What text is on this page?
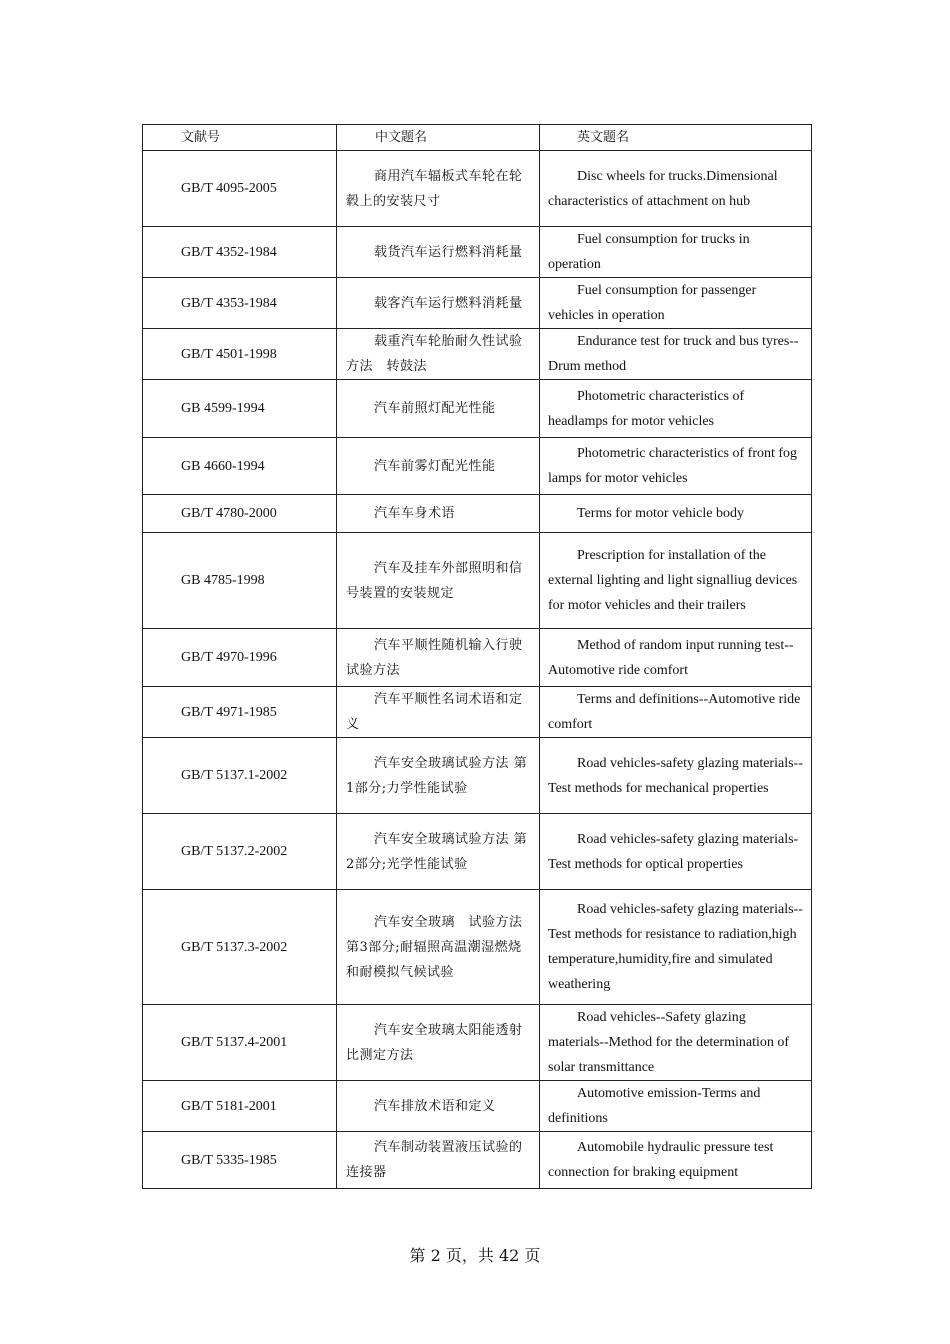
文献号	中文题名	英文题名
GB/T 4095-2005	商用汽车辐板式车轮在轮毂上的安装尺寸	Disc wheels for trucks.Dimensional characteristics of attachment on hub
GB/T 4352-1984	载货汽车运行燃料消耗量	Fuel consumption for trucks in operation
GB/T 4353-1984	载客汽车运行燃料消耗量	Fuel consumption for passenger vehicles in operation
GB/T 4501-1998	载重汽车轮胎耐久性试验方法　转鼓法	Endurance test for truck and bus tyres--Drum method
GB 4599-1994	汽车前照灯配光性能	Photometric characteristics of headlamps for motor vehicles
GB 4660-1994	汽车前雾灯配光性能	Photometric characteristics of front fog lamps for motor vehicles
GB/T 4780-2000	汽车车身术语	Terms for motor vehicle body
GB 4785-1998	汽车及挂车外部照明和信号装置的安装规定	Prescription for installation of the external lighting and light signalliug devices for motor vehicles and their trailers
GB/T 4970-1996	汽车平顺性随机输入行驶试验方法	Method of random input running test--Automotive ride comfort
GB/T 4971-1985	汽车平顺性名词术语和定义	Terms and definitions--Automotive ride comfort
GB/T 5137.1-2002	汽车安全玻璃试验方法 第1部分;力学性能试验	Road vehicles-safety glazing materials--Test methods for mechanical properties
GB/T 5137.2-2002	汽车安全玻璃试验方法 第2部分;光学性能试验	Road vehicles-safety glazing materials-Test methods for optical properties
GB/T 5137.3-2002	汽车安全玻璃　试验方法　第3部分;耐辐照高温潮湿燃烧和耐模拟气候试验	Road vehicles-safety glazing materials--Test methods for resistance to radiation,high temperature,humidity,fire and simulated weathering
GB/T 5137.4-2001	汽车安全玻璃太阳能透射比测定方法	Road vehicles--Safety glazing materials--Method for the determination of solar transmittance
GB/T 5181-2001	汽车排放术语和定义	Automotive emission-Terms and definitions
GB/T 5335-1985	汽车制动装置液压试验的连接器	Automobile hydraulic pressure test connection for braking equipment
第 2 页，共 42 页
